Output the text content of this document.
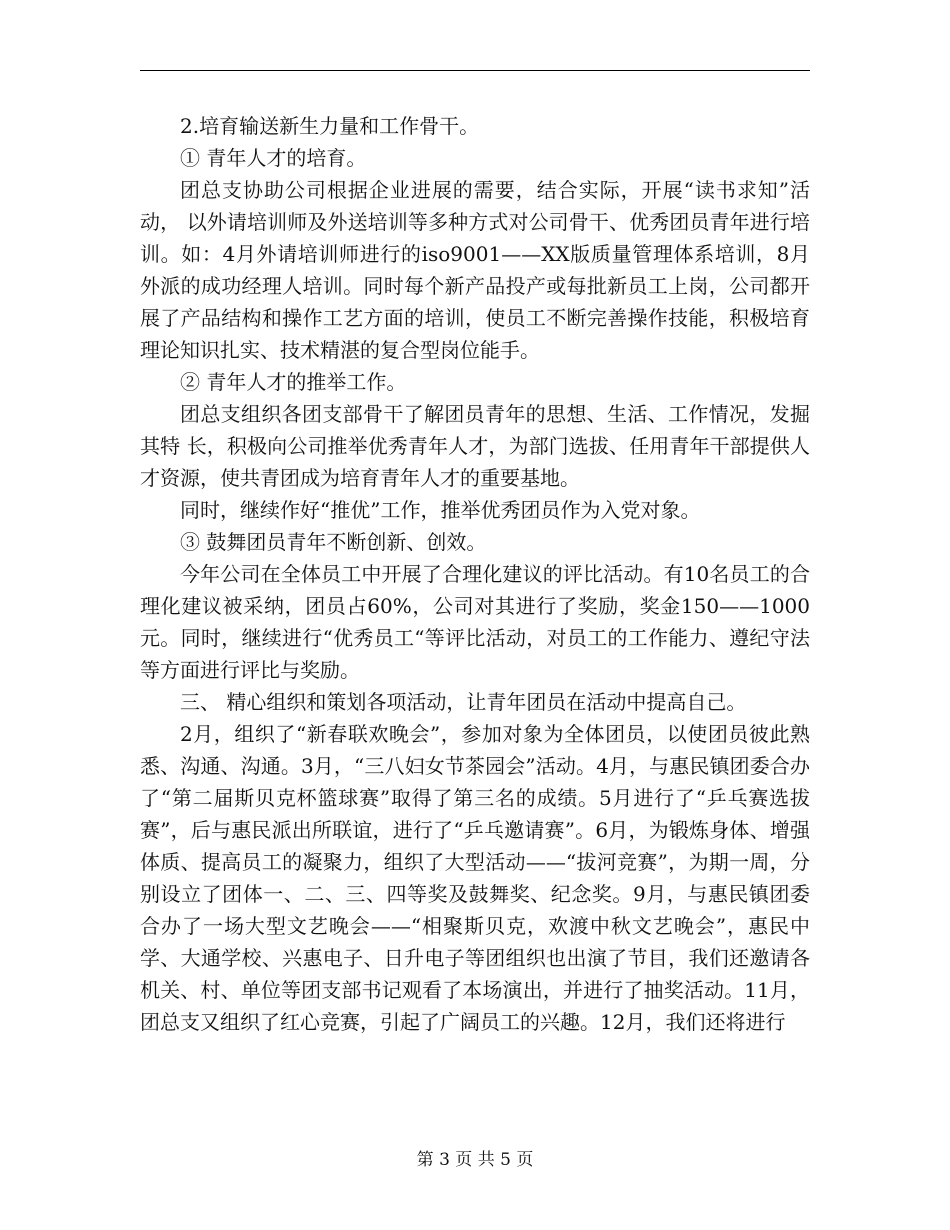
2.培育输送新生力量和工作骨干。

① 青年人才的培育。

团总支协助公司根据企业进展的需要，结合实际，开展“读书求知”活动， 以外请培训师及外送培训等多种方式对公司骨干、优秀团员青年进行培训。如：4月外请培训师进行的iso9001——XX版质量管理体系培训，8月外派的成功经理人培训。同时每个新产品投产或每批新员工上岗，公司都开展了产品结构和操作工艺方面的培训，使员工不断完善操作技能，积极培育理论知识扎实、技术精湛的复合型岗位能手。

② 青年人才的推举工作。

团总支组织各团支部骨干了解团员青年的思想、生活、工作情况，发掘其特 长，积极向公司推举优秀青年人才，为部门选拔、任用青年干部提供人才资源，使共青团成为培育青年人才的重要基地。

同时，继续作好“推优”工作，推举优秀团员作为入党对象。

③ 鼓舞团员青年不断创新、创效。

今年公司在全体员工中开展了合理化建议的评比活动。有10名员工的合理化建议被采纳，团员占60%，公司对其进行了奖励，奖金150——1000元。同时，继续进行“优秀员工“等评比活动，对员工的工作能力、遵纪守法等方面进行评比与奖励。

三、 精心组织和策划各项活动，让青年团员在活动中提高自己。

2月，组织了“新春联欢晚会”，参加对象为全体团员，以使团员彼此熟悉、沟通、沟通。3月，“三八妇女节茶园会”活动。4月，与惠民镇团委合办了“第二届斯贝克杯篮球赛”取得了第三名的成绩。5月进行了“乒乓赛选拔赛”，后与惠民派出所联谊，进行了“乒乓邀请赛”。6月，为锻炼身体、增强体质、提高员工的凝聚力，组织了大型活动——“拔河竞赛”，为期一周，分别设立了团体一、二、三、四等奖及鼓舞奖、纪念奖。9月，与惠民镇团委合办了一场大型文艺晚会——“相聚斯贝克，欢渡中秋文艺晚会”，惠民中学、大通学校、兴惠电子、日升电子等团组织也出演了节目，我们还邀请各机关、村、单位等团支部书记观看了本场演出，并进行了抽奖活动。11月，团总支又组织了红心竞赛，引起了广阔员工的兴趣。12月，我们还将进行

第 3 页 共 5 页
